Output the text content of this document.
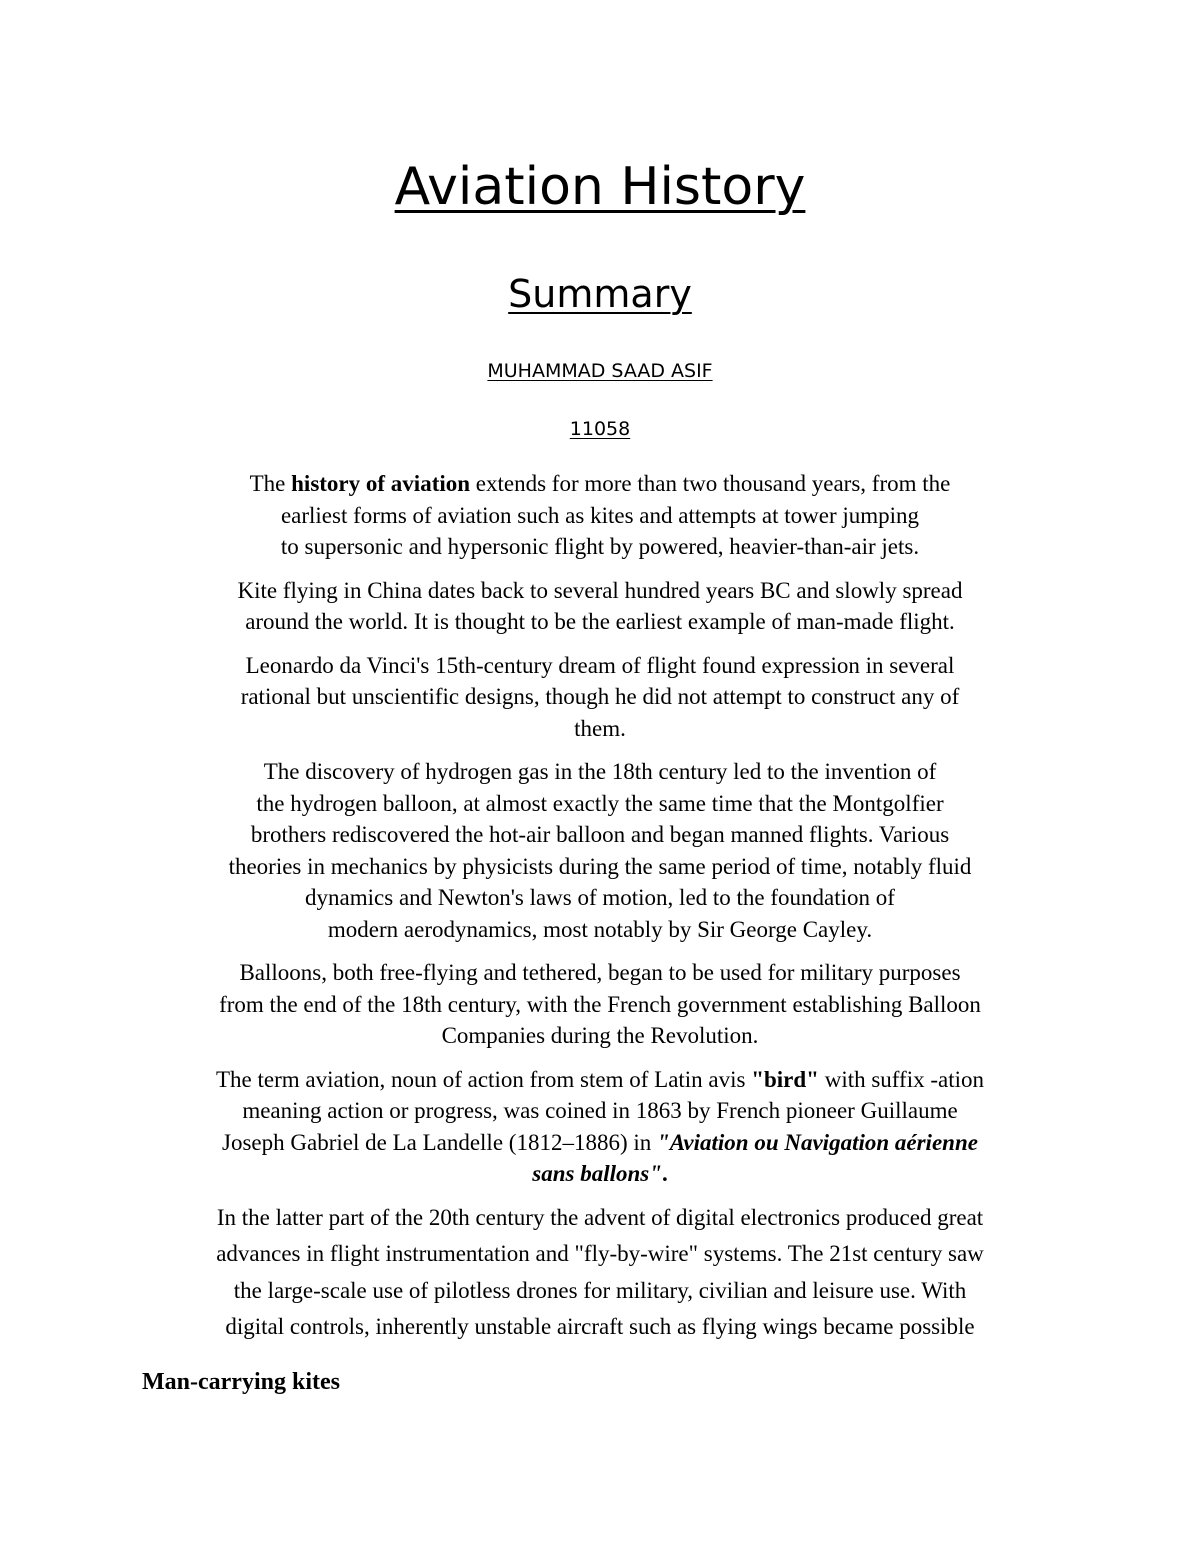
Aviation History
Summary
MUHAMMAD SAAD ASIF
11058

The history of aviation extends for more than two thousand years, from the
earliest forms of aviation such as kites and attempts at tower jumping
to supersonic and hypersonic flight by powered, heavier-than-air jets.

Kite flying in China dates back to several hundred years BC and slowly spread
around the world. It is thought to be the earliest example of man-made flight.

Leonardo da Vinci's 15th-century dream of flight found expression in several
rational but unscientific designs, though he did not attempt to construct any of
them.

The discovery of hydrogen gas in the 18th century led to the invention of
the hydrogen balloon, at almost exactly the same time that the Montgolfier
brothers rediscovered the hot-air balloon and began manned flights. Various
theories in mechanics by physicists during the same period of time, notably fluid
dynamics and Newton's laws of motion, led to the foundation of
modern aerodynamics, most notably by Sir George Cayley.

Balloons, both free-flying and tethered, began to be used for military purposes
from the end of the 18th century, with the French government establishing Balloon
Companies during the Revolution.

The term aviation, noun of action from stem of Latin avis "bird" with suffix -ation
meaning action or progress, was coined in 1863 by French pioneer Guillaume
Joseph Gabriel de La Landelle (1812–1886) in "Aviation ou Navigation aérienne
sans ballons".

In the latter part of the 20th century the advent of digital electronics produced great
advances in flight instrumentation and "fly-by-wire" systems. The 21st century saw
the large-scale use of pilotless drones for military, civilian and leisure use. With
digital controls, inherently unstable aircraft such as flying wings became possible

Man-carrying kites
